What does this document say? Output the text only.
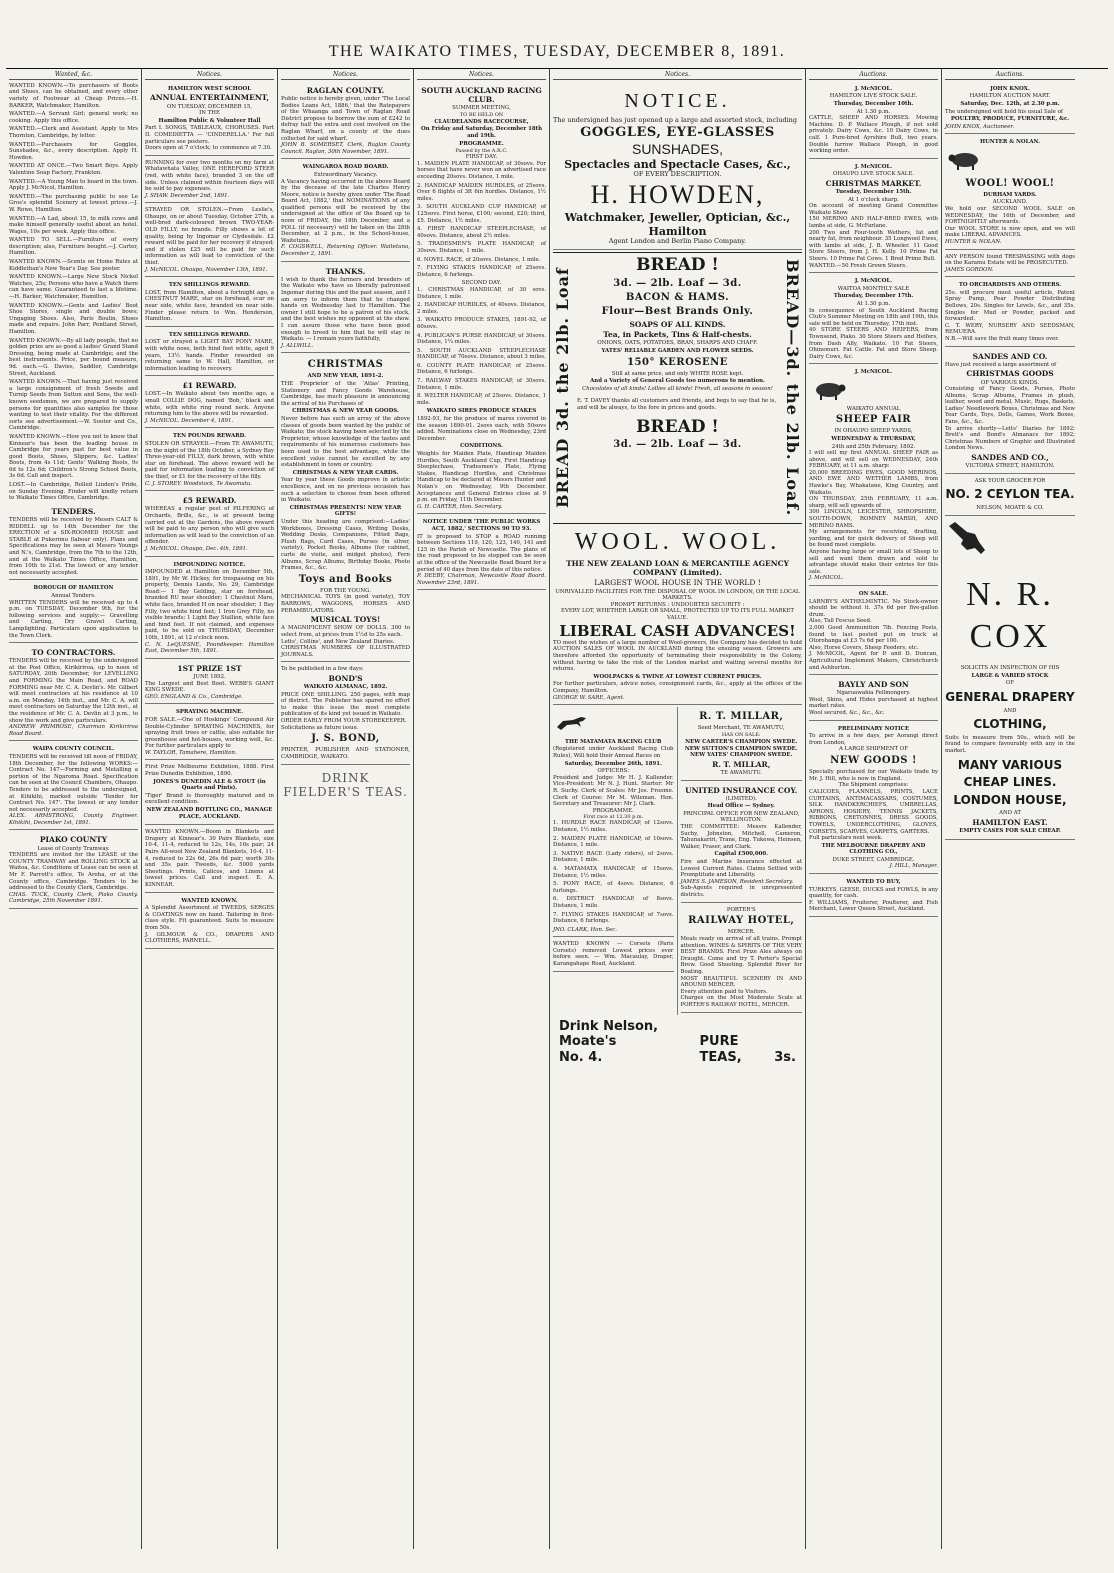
THE WAIKATO TIMES, TUESDAY, DECEMBER 8, 1891.
Wanted, &c.

WANTED KNOWN.—To purchasers of Boots and Shoes, can be obtained, and every other variety of Footwear at Cheap Prices.—H. BARKER, Watchmaker, Hamilton.

WANTED.—A Servant Girl; general work; no cooking. Apply this office.

WANTED.—Clerk and Assistant. Apply to Mrs Thornton, Cambridge, by letter.

WANTED.—Purchasers for Goggles, Sunshades, &c., every description. Apply H. Howden.

WANTED AT ONCE.—Two Smart Boys. Apply Valentine Soap Factory, Frankton.

WANTED.—A Young Man to board in the town. Apply J. McNicol, Hamilton.

WANTED.—The purchasing public to see Le Gros's splendid Scenery at lowest prices.—J. W. Rowe, Hamilton.

WANTED.—A Lad, about 15, to milk cows and make himself generally useful about an hotel. Wages, 10s per week. Apply this office.

WANTED TO SELL.—Furniture of every description; also, Furniture bought.—J. Carter, Hamilton.

WANTED KNOWN.—Scents on Home Rules at Kiddlethan's New Year's Day. See poster.

WANTED KNOWN.—Large New Stock Nickel Watches, 25s; Persons who have a Watch there can have same. Guaranteed to last a lifetime.—H. Barker, Watchmaker, Hamilton.

WANTED KNOWN.—Gents and Ladies' Boot Shoe Stores, single and double bows; Ungaging Shoes. Also, Paris Boulin, Shoes made and repairs. John Parr, Pentland Street, Hamilton.

WANTED KNOWN.—By all lady people, that no golden prize are as good a ladies' Grand Stand Dressing, being made at Cambridge; and the best instruments. Price, per bound measure, 9d. each.—G. Davies, Saddler, Cambridge Street, Auckland.

WANTED KNOWN.—That having just received a large consignment of fresh Swede and Turnip Seeds from Sutton and Sons, the well-known seedsmen, we are prepared to supply persons for quantities also samples for those wanting to test their vitality. For the different sorts see advertisement.—W. Souter and Co., Cambridge.

WANTED KNOWN.—How you not to know that Kinnear's has been the leading house in Cambridge for years past for best value in good Boots, Shoes, Slippers, &c. Ladies' Boots, from 4s 11d; Gents' Walking Boots, 9s 6d to 12s 6d; Children's Strong School Boots, 3s 6d. Call and inspect.

LOST.—In Cambridge, Rolled Linden's Pride, on Sunday Evening. Finder will kindly return to Waikato Times Office, Cambridge.

TENDERS.

TENDERS will be received by Messrs CALT & RIDDELL up to 14th December for the ERECTION of a SIX-ROOMED HOUSE and STABLE at Pukerimu (labour only). Plans and Specifications may be seen at Messrs Youngs and N.'s, Cambridge, from the 7th to the 12th, and at the Waikato Times Office, Hamilton, from 10th to 21st. The lowest or any tender not necessarily accepted.

BOROUGH OF HAMILTON
Annual Tenders.

WRITTEN TENDERS will be received up to 4 p.m. on TUESDAY, December 9th, for the following services and supply:— Gravelling and Carting, Dry Gravel Carting, Lamplighting. Particulars upon application to the Town Clerk.

TO CONTRACTORS.

TENDERS will be received by the undersigned at the Post Office, Kirikiriroa, up to noon of SATURDAY, 20th December, for LEVELLING and FORMING the Main Road, and ROAD FORMING near Mr. C. A. Devlin's. Mr. Gilbert will meet contractors at his residence at 10 a.m. on Monday, 14th inst., and Mr. C. A. will meet contractors on Saturday the 12th inst., at the residence of Mr. C. A. Devlin at 3 p.m., to show the work and give particulars.

ANDREW PRIMROSE, Chairman Kirikiriroa Road Board.

WAIPA COUNTY COUNCIL.

TENDERS will be received till noon of FRIDAY, 18th December, for the following WORKS:— Contract No. 147—Forming and Metalling a portion of the Ngaroma Road. Specification can be seen at the Council Chambers, Ohaupo. Tenders to be addressed to the undersigned, at Kihikihi, marked outside 'Tender for Contract No. 147'. The lowest or any tender not necessarily accepted.

ALEX. ARMSTRONG, County Engineer. Kihikihi, December 1st, 1891.

PIAKO COUNTY
Lease of County Tramway.

TENDERS are invited for the LEASE of the COUNTY TRAMWAY and ROLLING STOCK at Waitoa, &c. Conditions of Lease can be seen at Mr F. Parrott's office, Te Aroha, or at the County office, Cambridge. Tenders to be addressed to the County Clerk, Cambridge.

CHAS. TUCK, County Clerk, Piako County. Cambridge, 25th November 1891.

Notices.
HAMILTON WEST SCHOOL
ANNUAL ENTERTAINMENT,
ON TUESDAY, DECEMBER 15,
IN THE
Hamilton Public & Volunteer Hall

Part I. SONGS, TABLEAUX, CHORUSES. Part II. COMEDIETTA — 'CINDERELLA.' For full particulars see posters.

Doors open at 7 o'clock; to commence at 7.30.

RUNNING for over two months on my farm at Whatawhata Valley, ONE HEREFORD STEER (red, with white face), branded 3 on the off side. Unless claimed within fourteen days will be sold to pay expenses.

J. SHAW. December 2nd, 1891.

STRAYED OR STOLEN.—From Leslie's, Ohaupo, on or about Tuesday, October 27th, a well-bred dark-coloured brown TWO-YEAR-OLD FILLY, no brands. Filly shows a lot of quality, being by Ingomar or Clydesdale. £2 reward will be paid for her recovery if strayed; and if stolen £25 will be paid for such information as will lead to conviction of the thief.

J. McNICOL. Ohaupo, November 13th, 1891.

TEN SHILLINGS REWARD.

LOST, from Hamilton, about a fortnight ago, a CHESTNUT MARE, star on forehead, scar on near side, white face, branded on near side. Finder please return to Wm. Henderson, Hamilton.

TEN SHILLINGS REWARD.

LOST or strayed a LIGHT BAY PONY MARE, with white nose, both hind feet white, aged 9 years, 13½ hands. Finder rewarded on returning same to W. Hall, Hamilton, or information leading to recovery.

£1 REWARD.

LOST.—In Waikato about two months ago, a small COLLIE DOG, named 'Bob,' black and white, with white ring round neck. Anyone returning him to the above will be rewarded.

J. McNICOL. December 4, 1891.

TEN POUNDS REWARD.

STOLEN OR STRAYED.—From TE AWAMUTU, on the night of the 18th October, a Sydney Bay Three-year-old FILLY, dark brown, with white star on forehead. The above reward will be paid for information leading to conviction of the thief, or £1 for the recovery of the filly.

C. J. STOREY. Woodstock, Te Awamutu.

£5 REWARD.

WHEREAS a regular pest of PILFERING of Orchards, Brills, &c., is at present being carried out at the Gardens, the above reward will be paid to any person who will give such information as will lead to the conviction of an offender.

J. McNICOL. Ohaupo, Dec. 4th, 1891.

IMPOUNDING NOTICE.

IMPOUNDED at Hamilton on December 5th, 1891, by Mr W. Hickey, for trespassing on his property, Dennis Lands, No. 29, Cambridge Road:— 1 Bay Gelding, star on forehead, branded RU near shoulder; 1 Chestnut Mare, white face, branded H on near shoulder; 1 Bay Filly, two white hind feet; 1 Iron Grey Filly, no visible brands; 1 Light Bay Stallion, white face and hind feet. If not claimed, and expenses paid, to be sold on THURSDAY, December 10th, 1891, at 12 o'clock noon.

C. N. LeQUESNE, Poundkeeper. Hamilton East, December 5th, 1891.

1ST PRIZE 1ST
JUNE 1892.

The Largest and Best Boot. WEBB'S GIANT KING SWEDE.

GEO. ENGLAND & Co., Cambridge.

SPRAYING MACHINE.

FOR SALE.—One of Hoskings' Compound Air Double-Cylinder SPRAYING MACHINES, for spraying fruit trees or cattle, also suitable for greenhouse and hot-houses, working well, &c. For further particulars apply to

W. TAYLOR, Tamahere, Hamilton.

First Prize Melbourne Exhibition, 1888. First Prize Dunedin Exhibition, 1890.

JONES'S DUNEDIN ALE & STOUT (in Quarts and Pints).

'Tiger' Brand is thoroughly matured and in excellent condition.

NEW ZEALAND BOTTLING CO., MANAGE PLACE, AUCKLAND.

WANTED KNOWN.—Boom in Blankets and Drapery at Kinnear's. 30 Pairs Blankets, size 10-4, 11-4, reduced to 12s, 14s, 16s pair; 24 Pairs All-wool New Zealand Blankets, 10-4, 11-4, reduced to 22s 6d, 26s 6d pair; worth 30s and 35s pair. Tweeds, &c. 5000 yards Sheetings. Prints, Calicos, and Linens at lowest prices. Call and inspect. E. A. KINNEAR.

WANTED KNOWN.

A Splendid Assortment of TWEEDS, SERGES & COATINGS now on hand. Tailoring in first-class style. Fit guaranteed. Suits to measure from 50s.

J. GILMOUR & CO., DRAPERS AND CLOTHIERS, PARNELL.

Notices.
RAGLAN COUNTY.

Public notice is hereby given, under 'The Local Bodies Loans Act, 1886,' that the Ratepayers of the Whaanga and Town of Raglan Road District propose to borrow the sum of £242 to defray half the extra and cost involved on the Raglan Wharf, on a county of the dues collected for said wharf.

JOHN B. SOMERSET, Clerk, Raglan County Council. Raglan, 30th November, 1891.

WAINGAROA ROAD BOARD.
Extraordinary Vacancy.

A Vacancy having occurred in the above Board by the decease of the late Charles Henry Moore, notice is hereby given under 'The Road Board Act, 1882,' that NOMINATIONS of any qualified persons will be received by the undersigned at the office of the Board up to noon of FRIDAY, the 18th December, and a POLL (if necessary) will be taken on the 28th December, at 2 p.m., in the School-house, Waitetuna.

F. COGSWELL, Returning Officer. Waitetuna, December 2, 1891.

THANKS.

I wish to thank the farmers and breeders of the Waikato who have so liberally patronised Ingomar during this and the past season, and I am sorry to inform them that he changed hands on Wednesday last to Hamilton. The owner I still hope to be a patron of his stock, and the best wishes my opponent at the show. I can assure those who have been good enough to breed to him that he will stay in Waikato. — I remain yours faithfully,

J. ALLWILL.

CHRISTMAS
AND NEW YEAR, 1891-2.

THE Proprietor of the 'Atlas' Printing, Stationery and Fancy Goods Warehouse, Cambridge, has much pleasure in announcing the arrival of his Purchases of

CHRISTMAS & NEW YEAR GOODS.

Never before has such an array of the above classes of goods been wanted by the public of Waikato; the stock having been selected by the Proprietor, whose knowledge of the tastes and requirements of his numerous customers has been used to the best advantage, while the excellent value cannot be excelled by any establishment in town or country.

CHRISTMAS & NEW YEAR CARDS.

Year by year these Goods improve in artistic excellence, and on no previous occasion has such a selection to choose from been offered in Waikato.

CHRISTMAS PRESENTS! NEW YEAR GIFTS!

Under this heading are comprised:—Ladies' Workboxes, Dressing Cases, Writing Desks, Wedding Desks, Companions, Fitted Bags, Plush Bags, Card Cases, Purses (in silver, variety), Pocket Books, Albums (for cabinet, carte de visite, and midget photos), Fern Albums, Scrap Albums, Birthday Books, Photo Frames, &c., &c.

Toys and Books
FOR THE YOUNG.

MECHANICAL TOYS (in good variety), TOY BARROWS, WAGGONS, HORSES AND PERAMBULATORS.

MUSICAL TOYS!

A MAGNIFICENT SHOW OF DOLLS. 300 to select from, at prices from 1½d to 25s each.

Letts', Collins', and New Zealand Diaries.

CHRISTMAS NUMBERS OF ILLUSTRATED JOURNALS.

To be published in a few days:

BOND'S
WAIKATO ALMANAC, 1892.

PRICE ONE SHILLING. 250 pages, with map of district. The Publisher has spared no effort to make this issue the most complete publication of its kind yet issued in Waikato.

ORDER EARLY FROM YOUR STOREKEEPER.

Solicitations as future issue.

J. S. BOND,

PRINTER, PUBLISHER AND STATIONER, CAMBRIDGE, WAIKATO.

DRINK FIELDER'S TEAS.
Notices.
SOUTH AUCKLAND RACING CLUB.
SUMMER MEETING,
TO BE HELD ON
CLAUDELANDS RACECOURSE,
On Friday and Saturday, December 18th and 19th.
PROGRAMME.
Passed by the A.R.C.
FIRST DAY.

1. MAIDEN PLATE HANDICAP, of 30sovs. For horses that have never won an advertised race exceeding 20sovs. Distance, 1 mile.

2. HANDICAP MAIDEN HURDLES, of 25sovs. Over 6 flights of 3ft 6in hurdles. Distance, 1½ miles.

3. SOUTH AUCKLAND CUP HANDICAP, of 125sovs. First horse, £100; second, £20; third, £5. Distance, 1½ miles.

4. FIRST HANDICAP STEEPLECHASE, of 40sovs. Distance, about 2½ miles.

5. TRADESMEN'S PLATE HANDICAP, of 30sovs. Distance, 1 mile.

6. NOVEL RACE, of 20sovs. Distance, 1 mile.

7. FLYING STAKES HANDICAP, of 25sovs. Distance, 6 furlongs.

SECOND DAY.

1. CHRISTMAS HANDICAP, of 30 sovs. Distance, 1 mile.

2. HANDICAP HURDLES, of 40sovs. Distance, 2 miles.

3. WAIKATO PRODUCE STAKES, 1891-92, of 60sovs.

4. PUBLICAN'S PURSE HANDICAP, of 30sovs. Distance, 1¼ miles.

5. SOUTH AUCKLAND STEEPLECHASE HANDICAP, of 70sovs. Distance, about 3 miles.

6. COUNTY PLATE HANDICAP, of 25sovs. Distance, 6 furlongs.

7. RAILWAY STAKES HANDICAP, of 30sovs. Distance, 1 mile.

8. WELTER HANDICAP, of 25sovs. Distance, 1 mile.

WAIKATO SIRES PRODUCE STAKES

1892-93, for the produce of mares covered in the season 1890-91. 2sovs each, with 50sovs added. Nominations close on Wednesday, 23rd December.

CONDITIONS.

Weights for Maiden Plate, Handicap Maiden Hurdles, South Auckland Cup, First Handicap Steeplechase, Tradesmen's Plate, Flying Stakes, Handicap Hurdles, and Christmas Handicap to be declared at Messrs Hunter and Nolan's on Wednesday, 9th December. Acceptances and General Entries close at 9 p.m. on Friday, 11th December.

G. H. CARTER, Hon. Secretary.

NOTICE UNDER 'THE PUBLIC WORKS ACT, 1882,' SECTIONS 90 TO 93.

IT is proposed to STOP a ROAD running between Sections 119, 120, 123, 140, 141 and 125 in the Parish of Newcastle. The plans of the road proposed to be stopped can be seen at the office of the Newcastle Road Board for a period of 40 days from the date of this notice.

P. DEEBY, Chairman, Newcastle Road Board. November 23rd, 1891.

Notices.
NOTICE.

The undersigned has just opened up a large and assorted stock, including

GOGGLES, EYE-GLASSES
SUNSHADES,
Spectacles and Spectacle Cases, &c.,
OF EVERY DESCRIPTION.
H. HOWDEN,
Watchmaker, Jeweller, Optician, &c., Hamilton
Agent London and Berlin Piano Company.
BREAD 3d. the 2lb. Loaf
BREAD !
3d. — 2lb. Loaf — 3d.
BACON & HAMS.
Flour—Best Brands Only.
SOAPS OF ALL KINDS.
Tea, in Packets, Tins & Half-chests.
ONIONS, OATS, POTATOES, BRAN, SHARPS AND CHAFF.
YATES' RELIABLE GARDEN AND FLOWER SEEDS.
150° KEROSENE
Still at same price, and only WHITE ROSE kept.
And a Variety of General Goods too numerous to mention.
Chocolates of all kinds! Lollies all kinds! Fresh, all seasons in season!

E. T. DAVEY thanks all customers and friends, and begs to say that he is, and will be always, to the fore in prices and goods.

BREAD !
3d. — 2lb. Loaf — 3d.	BREAD—3d. the 2lb. Loaf.
WOOL. WOOL.
THE NEW ZEALAND LOAN & MERCANTILE AGENCY COMPANY (Limited).
LARGEST WOOL HOUSE IN THE WORLD !
UNRIVALLED FACILITIES FOR THE DISPOSAL OF WOOL IN LONDON, OR THE LOCAL MARKETS.
PROMPT RETURNS : UNDOUBTED SECURITY :
EVERY LOT, WHETHER LARGE OR SMALL, PROTECTED UP TO ITS FULL MARKET VALUE.
LIBERAL CASH ADVANCES!

TO meet the wishes of a large number of Wool-growers, the Company has decided to hold AUCTION SALES OF WOOL IN AUCKLAND during the ensuing season. Growers are therefore afforded the opportunity of terminating their responsibility in the Colony, without having to take the risk of the London market and waiting several months for returns.

WOOLPACKS & TWINE AT LOWEST CURRENT PRICES.

For further particulars, advice notes, consignment cards, &c., apply at the offices of the Company, Hamilton.

GEORGE W. SARE, Agent.

THE MATAMATA RACING CLUB

(Registered under Auckland Racing Club Rules), Will hold their Annual Races on

Saturday, December 26th, 1891.
OFFICERS:

President and Judge: Mr H. J. Kallender. Vice-President: Mr N. J. Hunt. Starter: Mr R. Suchy. Clerk of Scales: Mr Jos. Froome. Clerk of Course: Mr M. Wileman. Hon. Secretary and Treasurer: Mr J. Clark.

PROGRAMME.
First race at 12.30 p.m.

1. HURDLE RACE HANDICAP, of 12sovs. Distance, 1½ miles.

2. MAIDEN PLATE HANDICAP, of 10sovs. Distance, 1 mile.

3. NATIVE RACE (Lady riders), of 2sovs. Distance, 1 mile.

4. MATAMATA HANDICAP, of 15sovs. Distance, 1½ miles.

5. PONY RACE, of 4sovs. Distance, 6 furlongs.

6. DISTRICT HANDICAP, of 8sovs. Distance, 1 mile.

7. FLYING STAKES HANDICAP, of 7sovs. Distance, 6 furlongs.

JNO. CLARK, Hon. Sec.

WANTED KNOWN — Corsets (Paris Corsets) removed Lowest prices ever before seen. — Wm. Macaulay, Draper, Karangahape Road, Auckland.

R. T. MILLAR,
Seed Merchant, TE AWAMUTU,
HAS ON SALE:
NEW CARTER'S CHAMPION SWEDE. NEW SUTTON'S CHAMPION SWEDE. NEW YATES' CHAMPION SWEDE.
R. T. MILLAR,
TE AWAMUTU.
UNITED INSURANCE COY.
(LIMITED).
Head Office — Sydney.
PRINCIPAL OFFICE FOR NEW ZEALAND, WELLINGTON.

THE COMMITTEE: Messrs Kallender, Suchy, Johnston, Mitchell, Cameron, Tahunakariri, Trane, Eng. Tukewa, Heinsen, Walker, Fraser, and Clark.

Capital £500,000.

Fire and Marine Insurance effected at Lowest Current Rates. Claims Settled with Promptitude and Liberality.

JAMES S. JAMESON, Resident Secretary.

Sub-Agents required in unrepresented districts.

PORTER'S
RAILWAY HOTEL,
MERCER.

Meals ready on arrival of all trains. Prompt attention. WINES & SPIRITS OF THE VERY BEST BRANDS. First Prize Ales always on Draught. Come and try T. Porter's Special Brew. Good Shooting. Splendid River for Boating.

MOST BEAUTIFUL SCENERY IN AND AROUND MERCER.

Every attention paid to Visitors.

Charges on the Most Moderate Scale at PORTER'S RAILWAY HOTEL, MERCER.

Drink Nelson, Moate's
No. 4.
PURE TEAS,	3s.
Auctions.
J. McNICOL.
HAMILTON LIVE STOCK SALE.
Thursday, December 10th.
At 1.30 p.m.

CATTLE, SHEEP AND HORSES. Mowing Machine. D. P. Wallace Plough, if not sold privately. Dairy Cows, &c. 10 Dairy Cows, in calf. 1 Pure-bred Ayrshire Bull, two years. Double furrow Wallace Plough, in good working order.

J. McNICOL.
OHAUPO LIVE STOCK SALE.
CHRISTMAS MARKET.
Tuesday, December 15th.
At 1 o'clock sharp.

On account of meeting Grand Committee Waikato Show.

150 MERINO AND HALF-BRED EWES, with lambs at side, G. McFarlane.

200 Two and Four-tooth Wethers, fat and nearly fat, from neighbour. 35 Longwool Ewes, with lambs at side, J. B. Wheeler. 11 Good Store Steers, from J. H. Kelly. 10 Prime Fat Steers. 10 Prime Fat Cows. 1 Bred Prime Bull.

WANTED.—50 Fresh Grown Steers.

J. McNICOL.
WAITOA MONTHLY SALE
Thursday, December 17th.
At 1.30 p.m.

In consequence of South Auckland Racing Club's Summer Meeting on 18th and 19th, this sale will be held on Thursday, 17th inst.

40 STORE STEERS AND HEIFERS, from Townsend, Piako. 30 Store Steers and Heifers, from Dash Ally, Waikato. 10 Fat Steers, Ohinemuri. Fat Cattle. Fat and Store Sheep. Dairy Cows, &c.

J. McNICOL.
WAIKATO ANNUAL
SHEEP FAIR
IN OHAUPO SHEEP YARDS,
WEDNESDAY & THURSDAY,
24th and 25th February, 1892.

I will sell my first ANNUAL SHEEP FAIR as above, and will sell on WEDNESDAY, 24th FEBRUARY, at 11 a.m. sharp:

20,000 BREEDING EWES, GOOD MERINOS, AND EWE AND WETHER LAMBS, from Hawke's Bay, Whakatane, King Country, and Waikato.

ON THURSDAY, 25th FEBRUARY, 11 a.m. sharp, will sell upwards of

300 LINCOLN, LEICESTER, SHROPSHIRE, SOUTH-DOWN, ROMNEY MARSH, AND MERINO RAMS.

My arrangements for receiving, drafting, yarding, and for quick delivery of Sheep will be found most complete.

Anyone having large or small lots of Sheep to sell and want them drawn and sold to advantage should make their entries for this sale.

J. McNICOL.

ON SALE.

LARNBY'S ANTHELMINTIC. No Stock-owner should be without it. 37s 6d per five-gallon drum.

Also, Tall Fescue Seed.

2,000 Good Ammunition 7lb. Fencing Posts, found to last posted put on truck at Otorohanga at £3 7s 6d per 100.

Also, Horse Covers, Sheep Feeders, etc.

J. McNICOL, Agent for P. and D. Duncan, Agricultural Implement Makers, Christchurch and Ashburton.

BAYLY AND SON
Ngaruawahia Fellmongery.

Wool, Skins, and Hides purchased at highest market rates.

Wool secured, &c., &c., &c.

PRELIMINARY NOTICE

To arrive in a few days, per Aorangi direct from London,

A LARGE SHIPMENT OF
NEW GOODS !

Specially purchased for our Waikato trade by Mr. J. Hill, who is now in England.

The Shipment comprises:

CALICOES, FLANNELS, PRINTS, LACE CURTAINS, ANTIMACASSARS, COSTUMES, SILK HANDKERCHIEFS, UMBRELLAS, APRONS, HOSIERY, TENNIS JACKETS, RIBBONS, CRETONNES, DRESS GOODS, TOWELS, UNDERCLOTHING, GLOVES, CORSETS, SCARVES, CARPETS, GARTERS.

Full particulars next week.

THE MELBOURNE DRAPERY AND CLOTHING CO.,
DUKE STREET, CAMBRIDGE.
J. HILL, Manager.
WANTED TO BUY,

TURKEYS, GEESE, DUCKS and FOWLS, in any quantity, for cash.

F. WILLIAMS, Fruiterer, Poulterer, and Fish Merchant, Lower Queen Street, Auckland.

Auctions.
JOHN KNOX.
HAMILTON AUCTION MART.
Saturday, Dec. 12th, at 2.30 p.m.

The undersigned will hold his usual Sale of

POULTRY, PRODUCE, FURNITURE, &c.

JOHN KNOX, Auctioneer.

HUNTER & NOLAN.
WOOL! WOOL!
DURHAM YARDS.
AUCKLAND.

We hold our SECOND WOOL SALE on WEDNESDAY, the 16th of December, and FORTNIGHTLY afterwards.

Our WOOL STORE is now open, and we will make LIBERAL ADVANCES.

HUNTER & NOLAN.

ANY PERSON found TRESPASSING with dogs on the Karamu Estate will be PROSECUTED.

JAMES GORDON.

TO ORCHARDISTS AND OTHERS.

25s. will procure most useful article, Patent Spray Pump, Pear Powder Distributing Bellows, 20s. Singles for Levels, &c., and 35s. Singles for Mud or Powder, packed and forwarded.

C. T. WERY, NURSERY AND SEEDSMAN, REMUERA.

N.B.—Will save the fruit many times over.

SANDES AND CO.

Have just received a large assortment of

CHRISTMAS GOODS
OF VARIOUS KINDS.

Consisting of Fancy Goods, Purses, Photo Albums, Scrap Albums, Frames in plush, leather, wood and metal, Music, Rugs, Baskets, Ladies' Needlework Boxes, Christmas and New Year Cards, Toys, Dolls, Games, Work Boxes, Fans, &c., &c.

To arrive shortly—Letts' Diaries for 1892; Brett's and Bond's Almanacs for 1892; Christmas Numbers of Graphic and Illustrated London News.

SANDES AND CO.,
VICTORIA STREET, HAMILTON.
ASK YOUR GROCER FOR
NO. 2 CEYLON TEA.
NELSON, MOATE & CO.
N. R. COX
SOLICITS AN INSPECTION OF HIS
LARGE & VARIED STOCK
OF
GENERAL DRAPERY
AND
CLOTHING,

Suits to measure from 50s., which will be found to compare favourably with any in the market.

MANY VARIOUS
CHEAP LINES.
LONDON HOUSE,
AND AT
HAMILTON EAST.
EMPTY CASES FOR SALE CHEAP.
